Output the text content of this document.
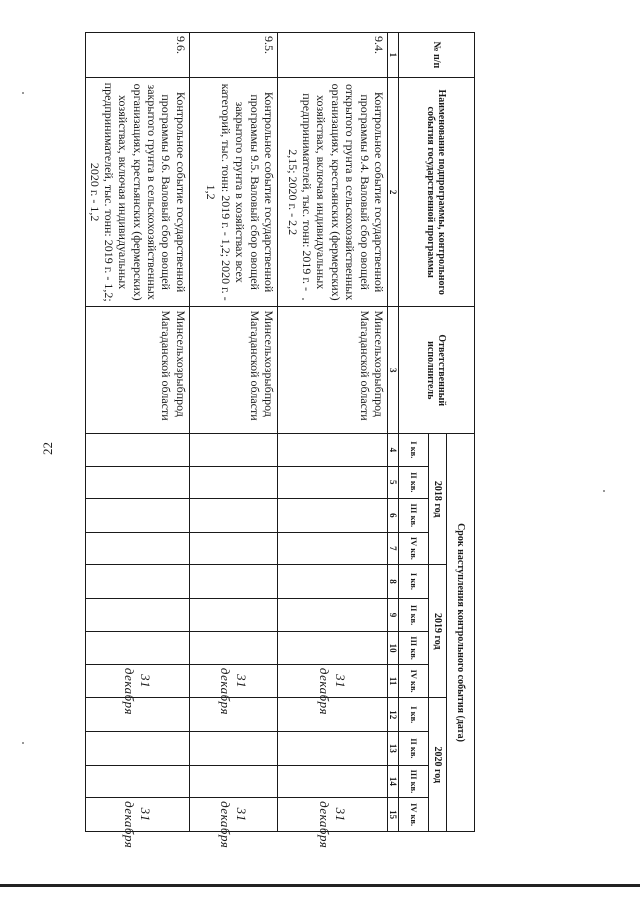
22
№ п/п	Наименование подпрограммы, контрольного события государственной программы	Ответственный исполнитель	Срок наступления контрольного события (дата)											
			2018 год				2019 год				2020 год			
			I кв.	II кв.	III кв.	IV кв.	I кв.	II кв.	III кв.	IV кв.	I кв.	II кв.	III кв.	IV кв.
1	2	3	4	5	6	7	8	9	10	11	12	13	14	15
9.4.	Контрольное событие государственной программы 9.4. Валовый сбор овощей открытого грунта в сельскохозяйственных организациях, крестьянских (фермерских) хозяйствах, включая индивидуальных предпринимателей, тыс. тонн: 2019 г. - 2,15; 2020 г. - 2,2	Минсельхозрыбпрод Магаданской области								31 декабря				31 декабря
9.5.	Контрольное событие государственной программы 9.5. Валовый сбор овощей закрытого грунта в хозяйствах всех категорий, тыс. тонн: 2019 г. - 1,2; 2020 г. - 1,2	Минсельхозрыбпрод Магаданской области								31 декабря				31 декабря
9.6.	Контрольное событие государственной программы 9.6. Валовый сбор овощей закрытого грунта в сельскохозяйственных организациях, крестьянских (фермерских) хозяйствах, включая индивидуальных предпринимателей, тыс. тонн: 2019 г. - 1,2; 2020 г. - 1,2	Минсельхозрыбпрод Магаданской области								31 декабря				31 декабря
